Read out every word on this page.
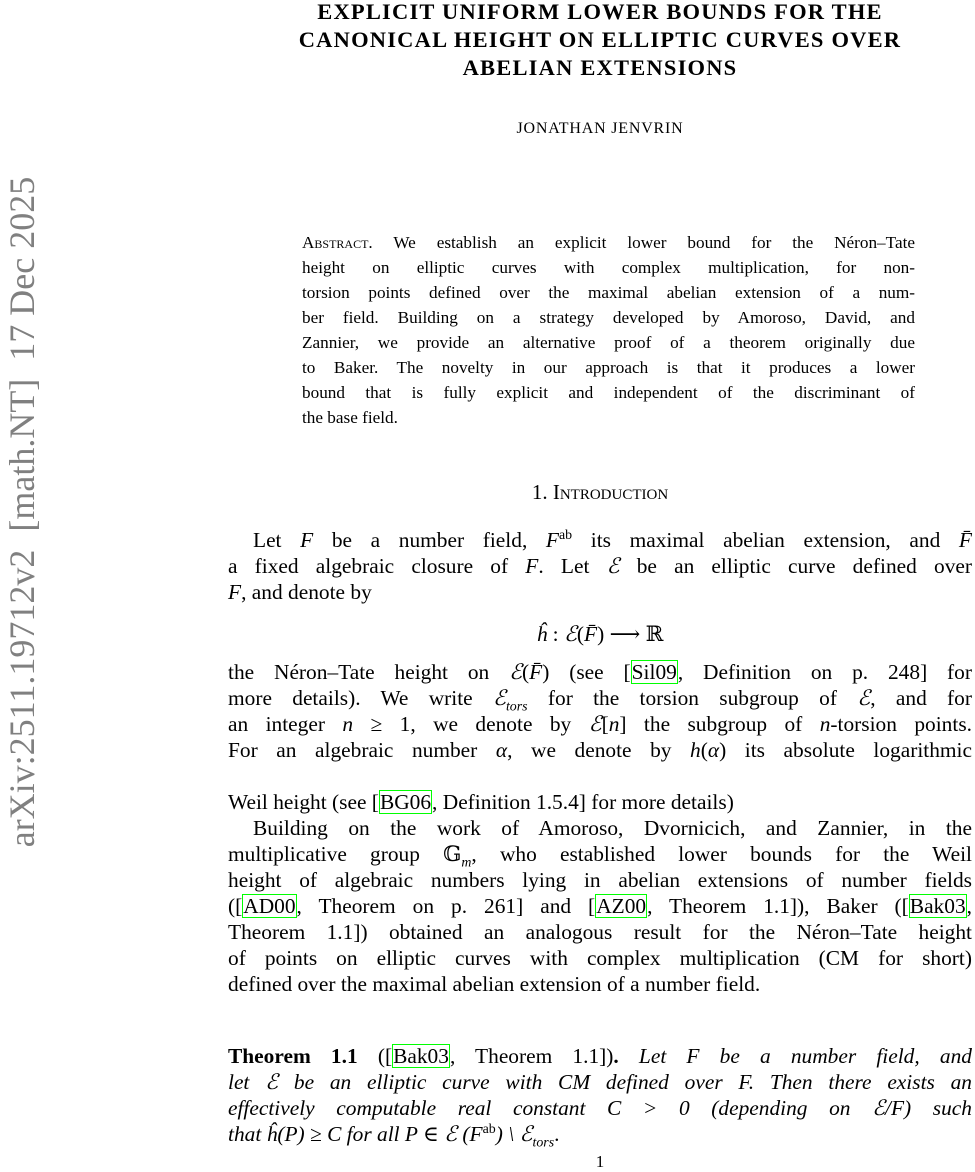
arXiv:2511.19712v2  [math.NT]  17 Dec 2025
EXPLICIT UNIFORM LOWER BOUNDS FOR THE
CANONICAL HEIGHT ON ELLIPTIC CURVES OVER
ABELIAN EXTENSIONS
JONATHAN JENVRIN
Abstract. We establish an explicit lower bound for the Néron–Tate
height on elliptic curves with complex multiplication, for non-
torsion points defined over the maximal abelian extension of a num-
ber field. Building on a strategy developed by Amoroso, David, and
Zannier, we provide an alternative proof of a theorem originally due
to Baker. The novelty in our approach is that it produces a lower
bound that is fully explicit and independent of the discriminant of
the base field.
1. Introduction
Let F be a number field, $F^{ab}$ its maximal abelian extension, and F̄
a fixed algebraic closure of F. Let ℰ be an elliptic curve defined over
F, and denote by
ĥ : ℰ(F̄) ⟶ ℝ
the Néron–Tate height on ℰ(F̄) (see [Sil09, Definition on p. 248] for
more details). We write ℰ$_{tors}$ for the torsion subgroup of ℰ, and for
an integer n ≥ 1, we denote by ℰ[n] the subgroup of n-torsion points.
For an algebraic number α, we denote by h(α) its absolute logarithmic
Weil height (see [BG06, Definition 1.5.4] for more details)
Building on the work of Amoroso, Dvornicich, and Zannier, in the
multiplicative group 𝔾$_m$, who established lower bounds for the Weil
height of algebraic numbers lying in abelian extensions of number fields
([AD00, Theorem on p. 261] and [AZ00, Theorem 1.1]), Baker ([Bak03,
Theorem 1.1]) obtained an analogous result for the Néron–Tate height
of points on elliptic curves with complex multiplication (CM for short)
defined over the maximal abelian extension of a number field.
Theorem 1.1 ([Bak03, Theorem 1.1]). Let F be a number field, and
let ℰ be an elliptic curve with CM defined over F. Then there exists an
effectively computable real constant C > 0 (depending on ℰ/F) such
that ĥ(P) ≥ C for all P ∈ ℰ $(F^{ab})$ \ ℰ$_{tors}$.
1
